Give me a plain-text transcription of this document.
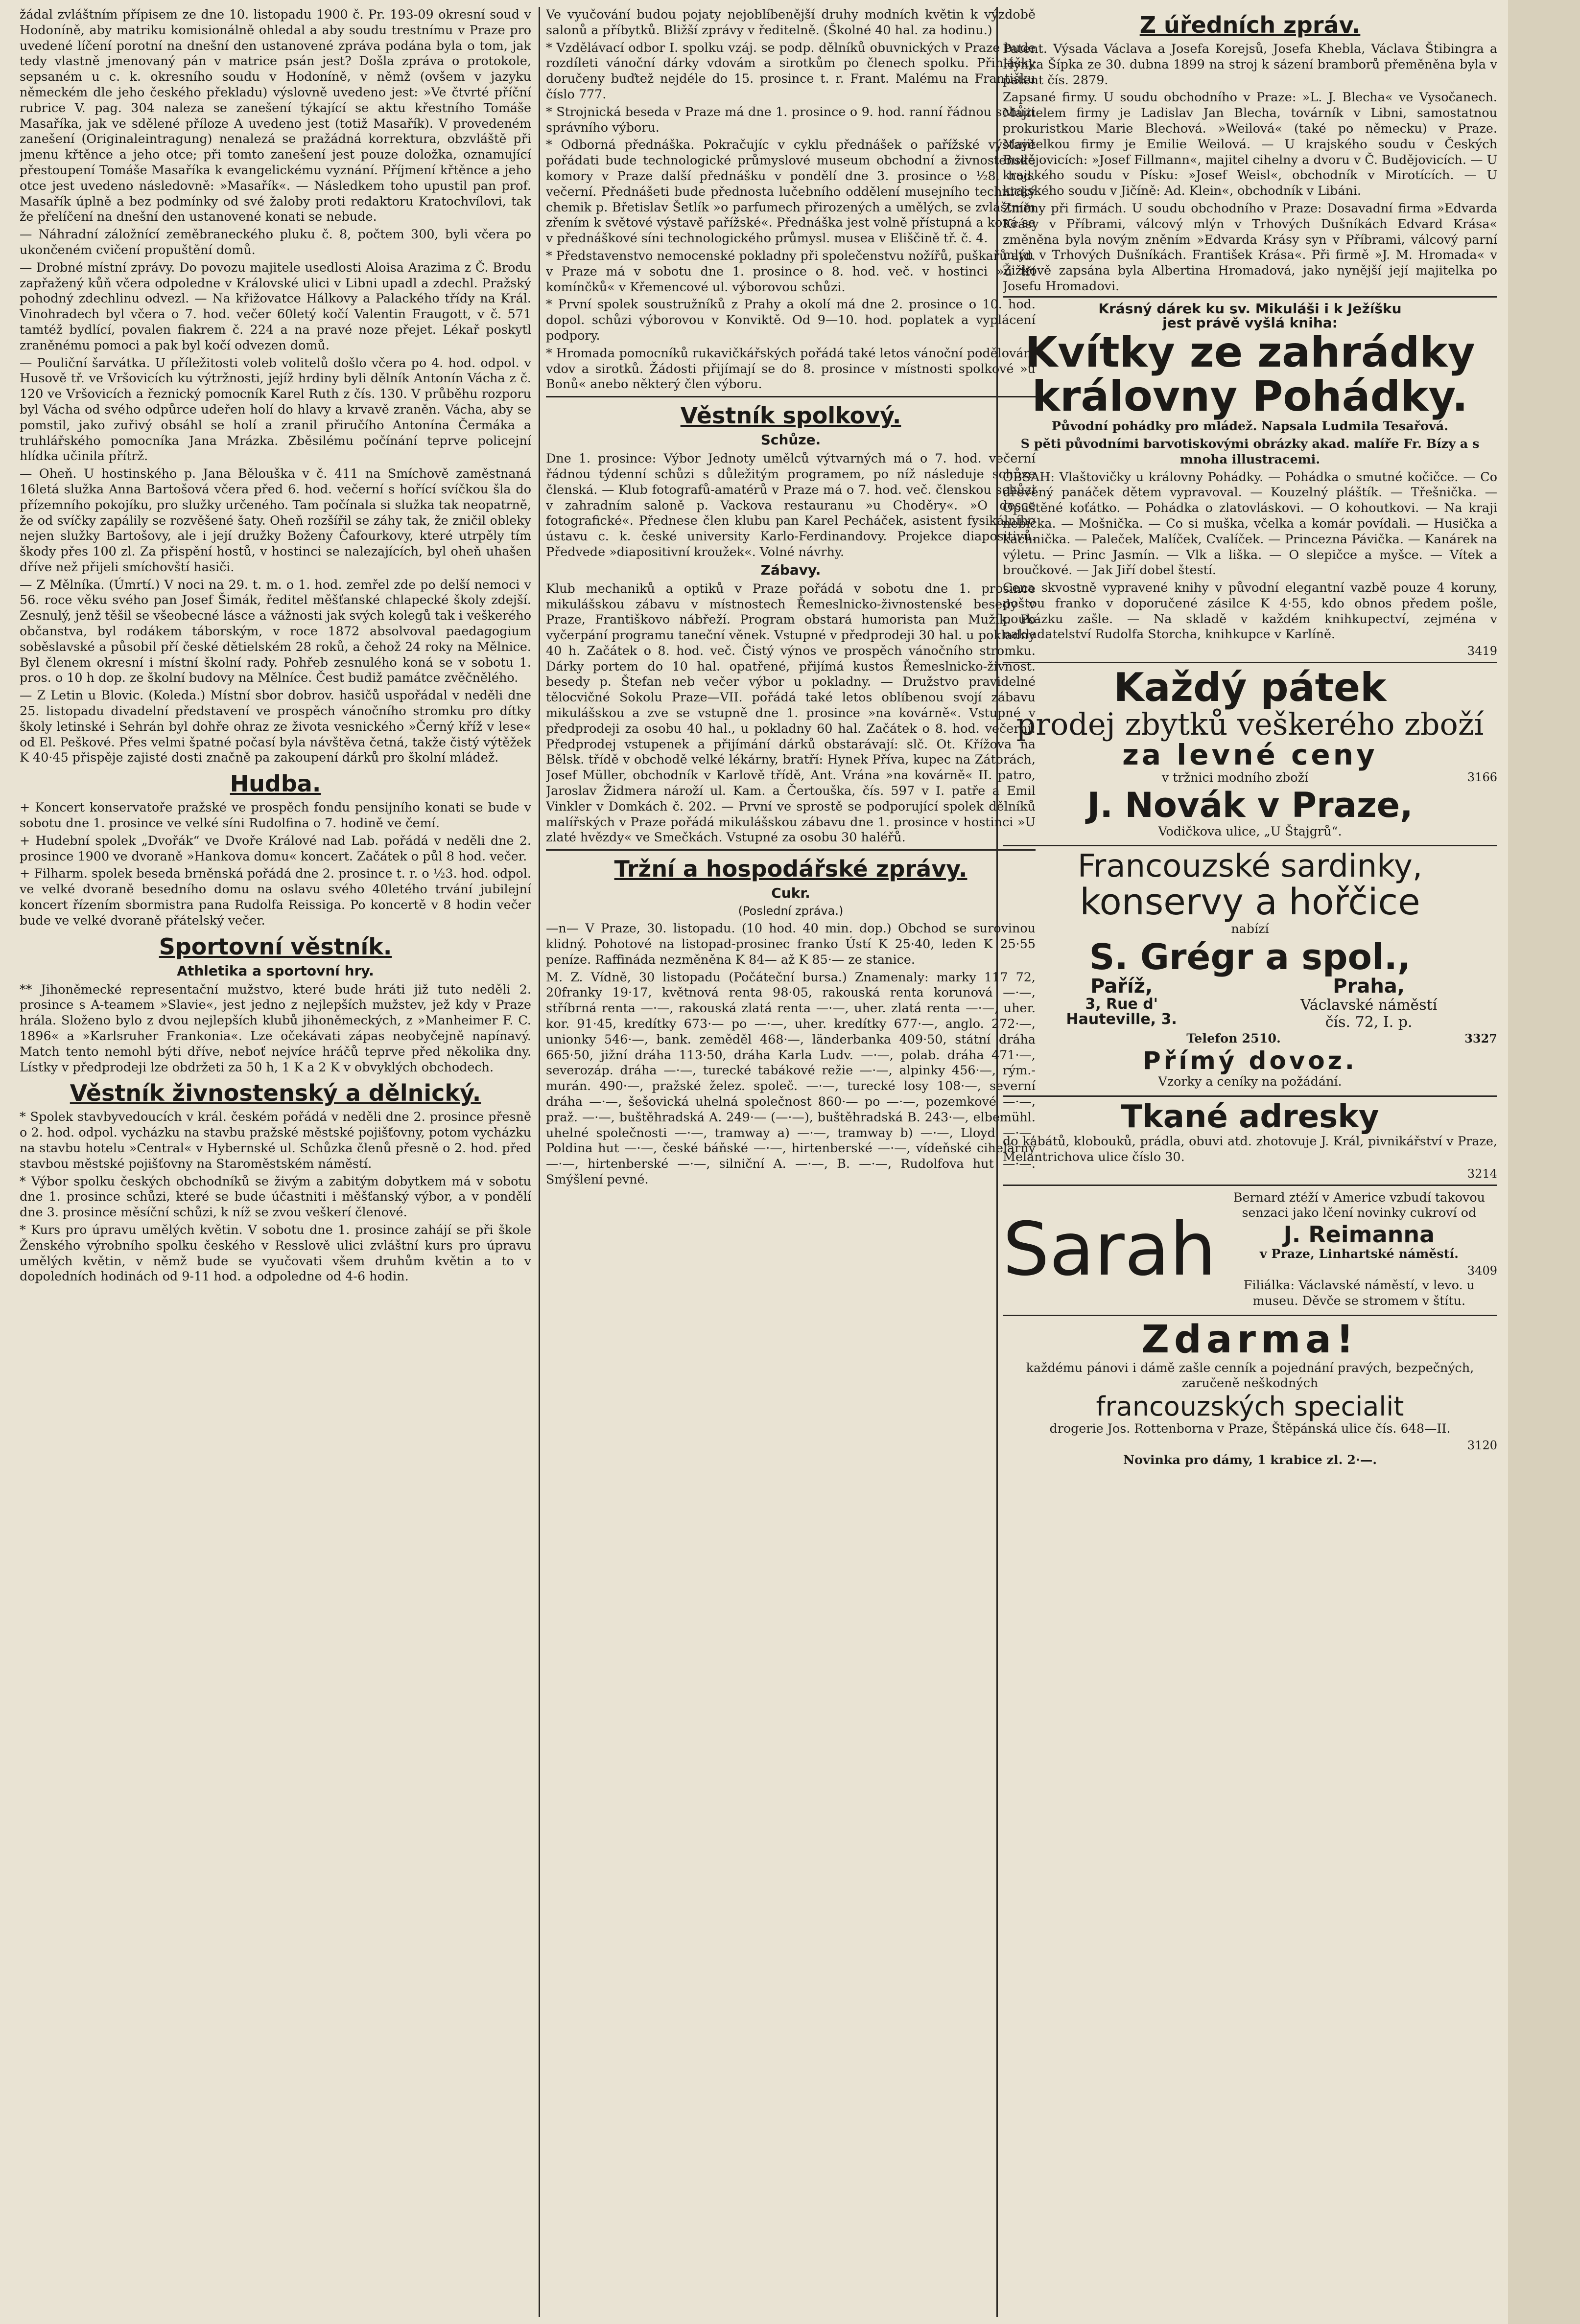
žádal zvláštním přípisem ze dne 10. listopadu 1900 č. Pr. 193-09 okresní soud v Hodoníně, aby matriku komisionálně ohledal a aby soudu trestnímu v Praze pro uvedené líčení porotní na dnešní den ustanovené zpráva podána byla o tom, jak tedy vlastně jmenovaný pán v matrice psán jest? Došla zpráva o protokole, sepsaném u c. k. okresního soudu v Hodoníně, v němž (ovšem v jazyku německém dle jeho českého překladu) výslovně uvedeno jest: »Ve čtvrté příční rubrice V. pag. 304 naleza se zanešení týkající se aktu křestního Tomáše Masaříka, jak ve sdělené příloze A uvedeno jest (totiž Masařík). V provedeném zanešení (Originaleintragung) nenalezá se pražádná korrektura, obzvláště při jmenu křtěnce a jeho otce; při tomto zanešení jest pouze doložka, oznamující přestoupení Tomáše Masaříka k evangelickému vyznání. Příjmení křtěnce a jeho otce jest uvedeno následovně: »Masařík«. — Následkem toho upustil pan prof. Masařík úplně a bez podmínky od své žaloby proti redaktoru Kratochvílovi, tak že přelíčení na dnešní den ustanovené konati se nebude.

— Náhradní záložnící zeměbraneckého pluku č. 8, počtem 300, byli včera po ukončeném cvičení propuštění domů.

— Drobné místní zprávy. Do povozu majitele usedlosti Aloisa Arazima z Č. Brodu zapřažený kůň včera odpoledne v Královské ulici v Libni upadl a zdechl. Pražský pohodný zdechlinu odvezl. — Na křižovatce Hálkovy a Palackého třídy na Král. Vinohradech byl včera o 7. hod. večer 60letý kočí Valentin Fraugott, v č. 571 tamtéž bydlící, povalen fiakrem č. 224 a na pravé noze přejet. Lékař poskytl zraněnému pomoci a pak byl kočí odvezen domů.

— Pouliční šarvátka. U příležitosti voleb volitelů došlo včera po 4. hod. odpol. v Husově tř. ve Vršovicích ku výtržnosti, jejíž hrdiny byli dělník Antonín Vácha z č. 120 ve Vršovicích a řeznický pomocník Karel Ruth z čís. 130. V průběhu rozporu byl Vácha od svého odpůrce udeřen holí do hlavy a krvavě zraněn. Vácha, aby se pomstil, jako zuřivý obsáhl se holí a zranil přiručího Antonína Čermáka a truhlářského pomocníka Jana Mrázka. Zběsilému počínání teprve policejní hlídka učinila přítrž.

— Oheň. U hostinského p. Jana Bělouška v č. 411 na Smíchově zaměstnaná 16letá služka Anna Bartošová včera před 6. hod. večerní s hořící svíčkou šla do přízemního pokojíku, pro služky určeného. Tam počínala si služka tak neopatrně, že od svíčky zapálily se rozvěšené šaty. Oheň rozšířil se záhy tak, že zničil obleky nejen služky Bartošovy, ale i její družky Boženy Čafourkovy, které utrpěly tím škody přes 100 zl. Za přispění hostů, v hostinci se nalezajících, byl oheň uhašen dříve než přijeli smíchovští hasiči.

— Z Mělníka. (Úmrtí.) V noci na 29. t. m. o 1. hod. zemřel zde po delší nemoci v 56. roce věku svého pan Josef Šimák, ředitel měšťanské chlapecké školy zdejší. Zesnulý, jenž těšil se všeobecné lásce a vážnosti jak svých kolegů tak i veškerého občanstva, byl rodákem táborským, v roce 1872 absolvoval paedagogium soběslavské a působil pří české dětielském 28 roků, a čehož 24 roky na Mělnice. Byl členem okresní i místní školní rady. Pohřeb zesnulého koná se v sobotu 1. pros. o 10 h dop. ze školní budovy na Mělníce. Čest budiž památce zvěčnělého.

— Z Letin u Blovic. (Koleda.) Místní sbor dobrov. hasičů uspořádal v neděli dne 25. listopadu divadelní představení ve prospěch vánočního stromku pro dítky školy letinské i Sehrán byl dohře ohraz ze života vesnického »Černý kříž v lese« od El. Peškové. Přes velmi špatné počasí byla návštěva četná, takže čistý výtěžek K 40·45 přispěje zajisté dosti značně pa zakoupení dárků pro školní mládež.

Hudba.

+ Koncert konservatoře pražské ve prospěch fondu pensijního konati se bude v sobotu dne 1. prosince ve velké síni Rudolfina o 7. hodině ve čemí.

+ Hudební spolek „Dvořák“ ve Dvoře Králové nad Lab. pořádá v neděli dne 2. prosince 1900 ve dvoraně »Hankova domu« koncert. Začátek o půl 8 hod. večer.

+ Filharm. spolek beseda brněnská pořádá dne 2. prosince t. r. o ½3. hod. odpol. ve velké dvoraně besedního domu na oslavu svého 40letého trvání jubilejní koncert řízením sbormistra pana Rudolfa Reissiga. Po koncertě v 8 hodin večer bude ve velké dvoraně přátelský večer.

Sportovní věstník.
Athletika a sportovní hry.

** Jihoněmecké representační mužstvo, které bude hráti již tuto neděli 2. prosince s A-teamem »Slavie«, jest jedno z nejlepších mužstev, jež kdy v Praze hrála. Složeno bylo z dvou nejlepších klubů jihoněmeckých, z »Manheimer F. C. 1896« a »Karlsruher Frankonia«. Lze očekávati zápas neobyčejně napínavý. Match tento nemohl býti dříve, neboť nejvíce hráčů teprve před několika dny. Lístky v předprodeji lze obdržeti za 50 h, 1 K a 2 K v obvyklých obchodech.

Věstník živnostenský a dělnický.

* Spolek stavbyvedoucích v král. českém pořádá v neděli dne 2. prosince přesně o 2. hod. odpol. vycházku na stavbu pražské městské pojišťovny, potom vycházku na stavbu hotelu »Central« v Hybernské ul. Schůzka členů přesně o 2. hod. před stavbou městské pojišťovny na Staroměstském náměstí.

* Výbor spolku českých obchodníků se živým a zabitým dobytkem má v sobotu dne 1. prosince schůzi, které se bude účastniti i měšťanský výbor, a v pondělí dne 3. prosince měsíční schůzi, k níž se zvou veškerí členové.

* Kurs pro úpravu umělých květin. V sobotu dne 1. prosince zahájí se při škole Ženského výrobního spolku českého v Resslově ulici zvláštní kurs pro úpravu umělých květin, v němž bude se vyučovati všem druhům květin a to v dopoledních hodinách od 9-11 hod. a odpoledne od 4-6 hodin.

Ve vyučování budou pojaty nejoblíbenější druhy modních květin k výzdobě salonů a příbytků. Bližší zprávy v ředitelně. (Školné 40 hal. za hodinu.)

* Vzdělávací odbor I. spolku vzáj. se podp. dělníků obuvnických v Praze bude rozdíleti vánoční dárky vdovám a sirotkům po členech spolku. Přihlášky doručeny buďtež nejdéle do 15. prosince t. r. Frant. Malému na Františku číslo 777.

* Strojnická beseda v Praze má dne 1. prosince o 9. hod. ranní řádnou schůzi správního výboru.

* Odborná přednáška. Pokračujíc v cyklu přednášek o pařížské výstavě pořádati bude technologické průmyslové museum obchodní a živnostenské komory v Praze další přednášku v pondělí dne 3. prosince o ½8. hod. večerní. Přednášeti bude přednosta lučebního oddělení musejního technický chemik p. Břetislav Šetlík »o parfumech přirozených a umělých, se zvláštním zřením k světové výstavě pařížské«. Přednáška jest volně přístupná a koná se v přednáškové síni technologického průmysl. musea v Eliščině tř. č. 4.

* Představenstvo nemocenské pokladny při společenstvu nožířů, puškařů atd. v Praze má v sobotu dne 1. prosince o 8. hod. več. v hostinci »u tří komínčků« v Křemencové ul. výborovou schůzi.

* První spolek soustružníků z Prahy a okolí má dne 2. prosince o 10. hod. dopol. schůzi výborovou v Konviktě. Od 9—10. hod. poplatek a vyplácení podpory.

* Hromada pomocníků rukavičkářských pořádá také letos vánoční podělování vdov a sirotků. Žádosti přijímají se do 8. prosince v místnosti spolkové »u Bonů« anebo některý člen výboru.

Věstník spolkový.
Schůze.

Dne 1. prosince: Výbor Jednoty umělců výtvarných má o 7. hod. večerní řádnou týdenní schůzi s důležitým programem, po níž následuje schůze členská. — Klub fotografů-amatérů v Praze má o 7. hod. več. členskou schůzi v zahradním saloně p. Vackova restauranu »u Choděry«. »O desce fotografické«. Přednese člen klubu pan Karel Pecháček, asistent fysikálního ústavu c. k. české university Karlo-Ferdinandovy. Projekce diapositivů. Předvede »diapositivní kroužek«. Volné návrhy.

Zábavy.

Klub mechaniků a optiků v Praze pořádá v sobotu dne 1. prosince mikulášskou zábavu v místnostech Řemeslnicko-živnostenské besedy v Praze, Františkovo nábřeží. Program obstará humorista pan Mužík. Po vyčerpání programu taneční věnek. Vstupné v předprodeji 30 hal. u pokladny 40 h. Začátek o 8. hod. več. Čistý výnos ve prospěch vánočního stromku. Dárky portem do 10 hal. opatřené, přijímá kustos Řemeslnicko-živnost. besedy p. Štefan neb večer výbor u pokladny. — Družstvo pravidelné tělocvičné Sokolu Praze—VII. pořádá také letos oblíbenou svojí zábavu mikulášskou a zve se vstupně dne 1. prosince »na kovárně«. Vstupné v předprodeji za osobu 40 hal., u pokladny 60 hal. Začátek o 8. hod. večerní. Předprodej vstupenek a přijímání dárků obstarávají: slč. Ot. Křížova na Bělsk. třídě v obchodě velké lékárny, bratří: Hynek Příva, kupec na Zátorách, Josef Müller, obchodník v Karlově třídě, Ant. Vrána »na kovárně« II. patro, Jaroslav Židmera nároží ul. Kam. a Čertouška, čís. 597 v I. patře a Emil Vinkler v Domkách č. 202. — První ve sprostě se podporující spolek dělníků malířských v Praze pořádá mikulášskou zábavu dne 1. prosince v hostinci »U zlaté hvězdy« ve Smečkách. Vstupné za osobu 30 haléřů.

Tržní a hospodářské zprávy.
Cukr.
(Poslední zpráva.)

—n— V Praze, 30. listopadu. (10 hod. 40 min. dop.) Obchod se surovinou klidný. Pohotové na listopad-prosinec franko Ústí K 25·40, leden K 25·55 peníze. Raffináda nezměněna K 84— až K 85·— ze stanice.

M. Z. Vídně, 30 listopadu (Počáteční bursa.) Znamenaly: marky 117 72, 20franky 19·17, květnová renta 98·05, rakouská renta korunová —·—, stříbrná renta —·—, rakouská zlatá renta —·—, uher. zlatá renta —·—, uher. kor. 91·45, kredítky 673·— po —·—, uher. kredítky 677·—, anglo. 272·—, unionky 546·—, bank. zeměděl 468·—, länderbanka 409·50, státní dráha 665·50, jižní dráha 113·50, dráha Karla Ludv. —·—, polab. dráha 471·—, severozáp. dráha —·—, turecké tabákové režie —·—, alpinky 456·—, rým.-murán. 490·—, pražské želez. společ. —·—, turecké losy 108·—, severní dráha —·—, šešovická uhelná společnost 860·— po —·—, pozemkové —·—, praž. —·—, buštěhradská A. 249·— (—·—), buštěhradská B. 243·—, elbemühl. uhelné společnosti —·—, tramway a) —·—, tramway b) —·—, Lloyd —·—, Poldina hut —·—, české báňské —·—, hirtenberské —·—, vídeňské cihelárny —·—, hirtenberské —·—, silniční A. —·—, B. —·—, Rudolfova hut —·—. Smýšlení pevné.

Z úředních zpráv.

Patent. Výsada Václava a Josefa Korejsů, Josefa Khebla, Václava Štibingra a Hynka Šípka ze 30. dubna 1899 na stroj k sázení bramborů přeměněna byla v patent čís. 2879.

Zapsané firmy. U soudu obchodního v Praze: »L. J. Blecha« ve Vysočanech. Majitelem firmy je Ladislav Jan Blecha, továrník v Libni, samostatnou prokuristkou Marie Blechová. »Weilová« (také po německu) v Praze. Majitelkou firmy je Emilie Weilová. — U krajského soudu v Českých Budějovicích: »Josef Fillmann«, majitel cihelny a dvoru v Č. Budějovicích. — U krajského soudu v Písku: »Josef Weisl«, obchodník v Mirotících. — U krajského soudu v Jičíně: Ad. Klein«, obchodník v Libáni.

Změny při firmách. U soudu obchodního v Praze: Dosavadní firma »Edvarda Krásy v Příbrami, válcový mlýn v Trhových Dušníkách Edvard Krása« změněna byla novým zněním »Edvarda Krásy syn v Příbrami, válcový parní mlýn v Trhových Dušníkách. František Krása«. Při firmě »J. M. Hromada« v Žižkově zapsána byla Albertina Hromadová, jako nynější její majitelka po Josefu Hromadovi.

Krásný dárek ku sv. Mikuláši i k Ježíšku
jest právě vyšlá kniha:
Kvítky ze zahrádky
královny Pohádky.

Původní pohádky pro mládež. Napsala Ludmila Tesařová.

S pěti původními barvotiskovými obrázky akad. malíře Fr. Bízy a s mnoha illustracemi.

OBSAH: Vlaštovičky u královny Pohádky. — Pohádka o smutné kočičce. — Co dřevěný panáček dětem vypravoval. — Kouzelný pláštík. — Třešnička. — Opuštěné koťátko. — Pohádka o zlatovláskovi. — O kohoutkovi. — Na kraji nebíčka. — Mošnička. — Co si muška, včelka a komár povídali. — Husička a kachnička. — Paleček, Malíček, Cvalíček. — Princezna Pávička. — Kanárek na výletu. — Princ Jasmín. — Vlk a liška. — O slepičce a myšce. — Vítek a broučkové. — Jak Jiří dobel štestí.

Cena skvostně vypravené knihy v původní elegantní vazbě pouze 4 koruny, poštou franko v doporučené zásilce K 4·55, kdo obnos předem pošle, poukázku zašle. — Na skladě v každém knihkupectví, zejména v nakladatelství Rudolfa Storcha, knihkupce v Karlíně.

3419
Každý pátek
prodej zbytků veškerého zboží
za levné ceny

v tržnici modního zboží	3166

J. Novák v Praze,

Vodičkova ulice, „U Štajgrů“.

Francouzské sardinky,
konservy a hořčice

nabízí

S. Grégr a spol.,
Paříž,
3, Rue d' Hauteville, 3.
Praha,
Václavské náměstí
čís. 72, I. p.

Telefon 2510.	3327

Přímý dovoz.

Vzorky a ceníky na požádání.

Tkané adresky

do kabátů, klobouků, prádla, obuvi atd. zhotovuje J. Král, pivnikářství v Praze, Melantrichova ulice číslo 30.

3214
Sarah

Bernard ztéží v Americe vzbudí takovou senzaci jako lčení novinky cukroví od

J. Reimanna

v Praze, Linhartské náměstí.

3409

Filiálka: Václavské náměstí, v levo. u museu. Děvče se stromem v štítu.

Zdarma!

každému pánovi i dámě zašle cenník a pojednání pravých, bezpečných, zaručeně neškodných

francouzských specialit

drogerie Jos. Rottenborna v Praze, Štěpánská ulice čís. 648—II.

3120

Novinka pro dámy, 1 krabice zl. 2·—.
